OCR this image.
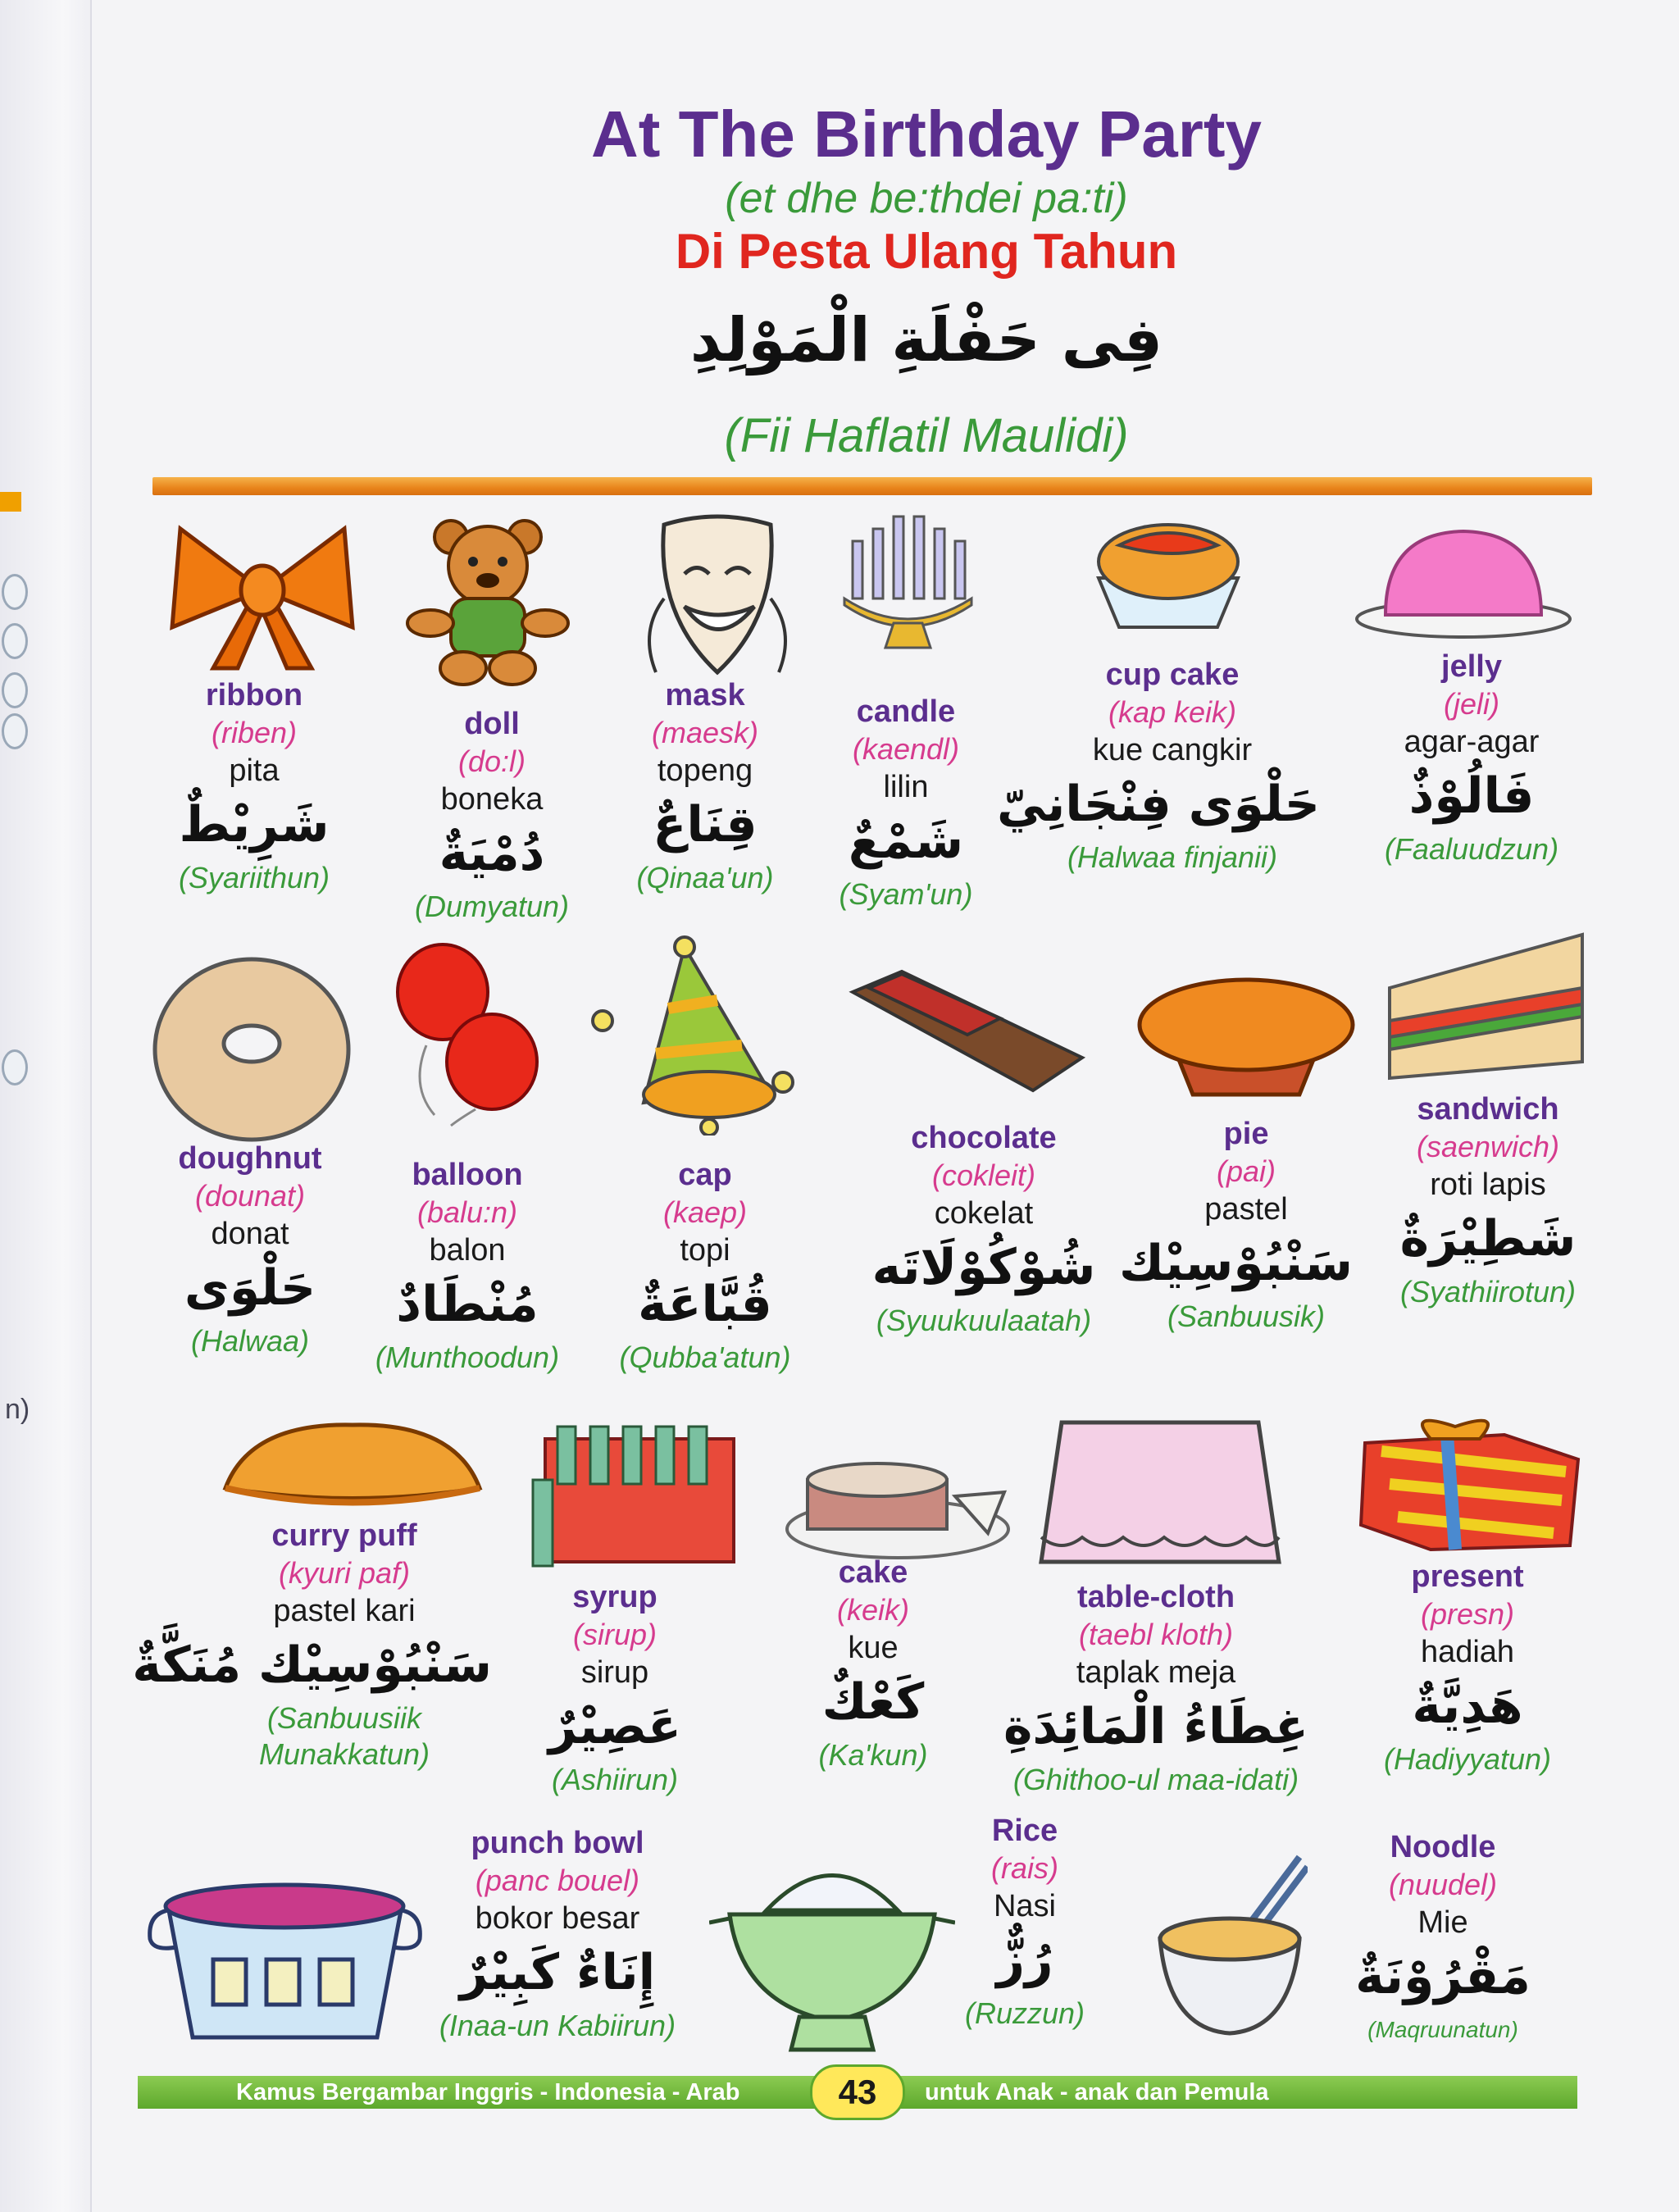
n)
At The Birthday Party
(et dhe be:thdei pa:ti)
Di Pesta Ulang Tahun
فِى حَفْلَةِ الْمَوْلِدِ
(Fii Haflatil Maulidi)
ribbon
(riben)
pita
شَرِيْطٌ
(Syariithun)
doll
(do:l)
boneka
دُمْيَةٌ
(Dumyatun)
mask
(maesk)
topeng
قِنَاعٌ
(Qinaa'un)
candle
(kaendl)
lilin
شَمْعٌ
(Syam'un)
cup cake
(kap keik)
kue cangkir
حَلْوَى فِنْجَانِيّ
(Halwaa finjanii)
jelly
(jeli)
agar-agar
فَالُوْذٌ
(Faaluudzun)
doughnut
(dounat)
donat
حَلْوَى
(Halwaa)
balloon
(balu:n)
balon
مُنْطَادٌ
(Munthoodun)
cap
(kaep)
topi
قُبَّاعَةٌ
(Qubba'atun)
chocolate
(cokleit)
cokelat
شُوْكُوْلَاتَه
(Syuukuulaatah)
pie
(pai)
pastel
سَنْبُوْسِيْك
(Sanbuusik)
sandwich
(saenwich)
roti lapis
شَطِيْرَةٌ
(Syathiirotun)
curry puff
(kyuri paf)
pastel kari
سَنْبُوْسِيْك مُنَكَّةٌ
(Sanbuusiik Munakkatun)
syrup
(sirup)
sirup
عَصِيْرٌ
(Ashiirun)
cake
(keik)
kue
كَعْكٌ
(Ka'kun)
table-cloth
(taebl kloth)
taplak meja
غِطَاءُ الْمَائِدَةِ
(Ghithoo-ul maa-idati)
present
(presn)
hadiah
هَدِيَّةٌ
(Hadiyyatun)
punch bowl
(panc bouel)
bokor besar
إِنَاءٌ كَبِيْرٌ
(Inaa-un Kabiirun)
Rice
(rais)
Nasi
رُزٌّ
(Ruzzun)
Noodle
(nuudel)
Mie
مَقْرُوْنَةٌ
(Maqruunatun)
Kamus Bergambar Inggris - Indonesia - Arab	43	untuk Anak - anak dan Pemula
